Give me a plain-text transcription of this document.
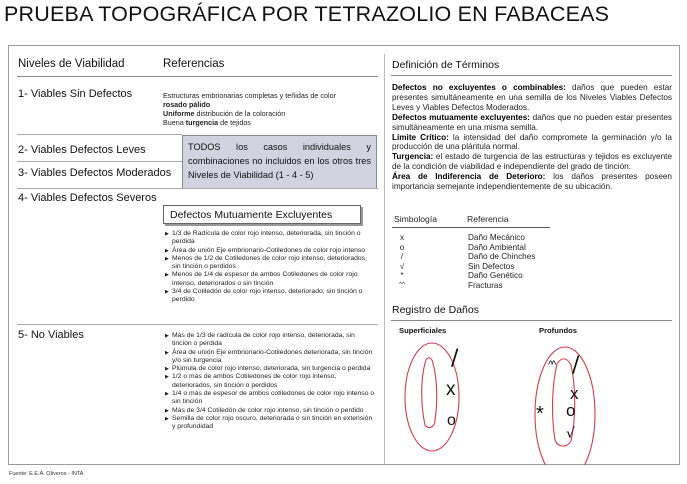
PRUEBA TOPOGRÁFICA POR TETRAZOLIO EN FABACEAS
Niveles de Viabilidad	Referencias
1- Viables Sin Defectos	Estructuras embrionarias completas y teñidas de color
rosado pálido
Uniforme distribución de la coloración
Buena turgencia de tejidos
2- Viables Defectos Leves
3- Viables Defectos Moderados
TODOS los casos individuales y combinaciones no incluidos en los otros tres Niveles de Viabilidad (1 - 4 - 5)
4- Viables Defectos Severos
Defectos Mutuamente Excluyentes
▶ 1/3 de Radícula de color rojo intenso, deteriorada, sin tinción o perdida
▶ Área de unión Eje embrionario-Cotiledones de color rojo intenso
▶ Menos de 1/2 de Cotiledones de color rojo intenso, deteriorados, sin tinción o perdidos
▶ Menos de 1/4 de espesor de ambos Cotiledones de color rojo intenso, deteriorados o sin tinción
▶ 3/4 de Cotiledón de color rojo intenso, deteriorado, sin tinción o perdido
5- No Viables
▶	Más de 1/3 de radícula de color rojo intenso, deteriorada, sin tinción o perdida
▶ Área de unión Eje embrionario-Cotiledones deteriorada, sin tinción y/o sin turgencia
▶ Plúmula de color rojo intenso, deteriorada, sin turgencia o perdida
▶ 1/2 o más de ambos Cotiledones de color rojo intenso, deteriorados, sin tinción o perdidos
▶ 1/4 o más de espesor de ambos cotiledones de color rojo intenso o sin tinción
▶ Más de 3/4 Cotiledón de color rojo intenso, sin tinción o perdido
▶ Semilla de color rojo oscuro, deteriorada o sin tinción en extensión y profundidad
Definición de Términos
Defectos no excluyentes o combinables: daños que pueden estar presentes simultáneamente en una semilla de los Niveles Viables Defectos Leves y Viables Defectos Moderados.
Defectos mutuamente excluyentes: daños que no pueden estar presentes simultáneamente en una misma semilla.
Límite Crítico: la intensidad del daño compromete la germinación y/o la producción de una plántula normal.
Turgencia: el estado de turgencia de las estructuras y tejidos es excluyente de la condición de viabilidad e independiente del grado de tinción.
Área de Indiferencia de Deterioro: los daños presentes poseen importancia semejante independientemente de su ubicación.
Simbología	Referencia
x	Daño Mecánico
o	Daño Ambiental
/	Daño de Chinches
√	Sin Defectos
*	Daño Genético
^^	Fracturas
Registro de Daños
Superficiales	Profundos
/
x
o
^^ /
x
* o
√
Fuente: E.E.A. Oliveros - INTA
